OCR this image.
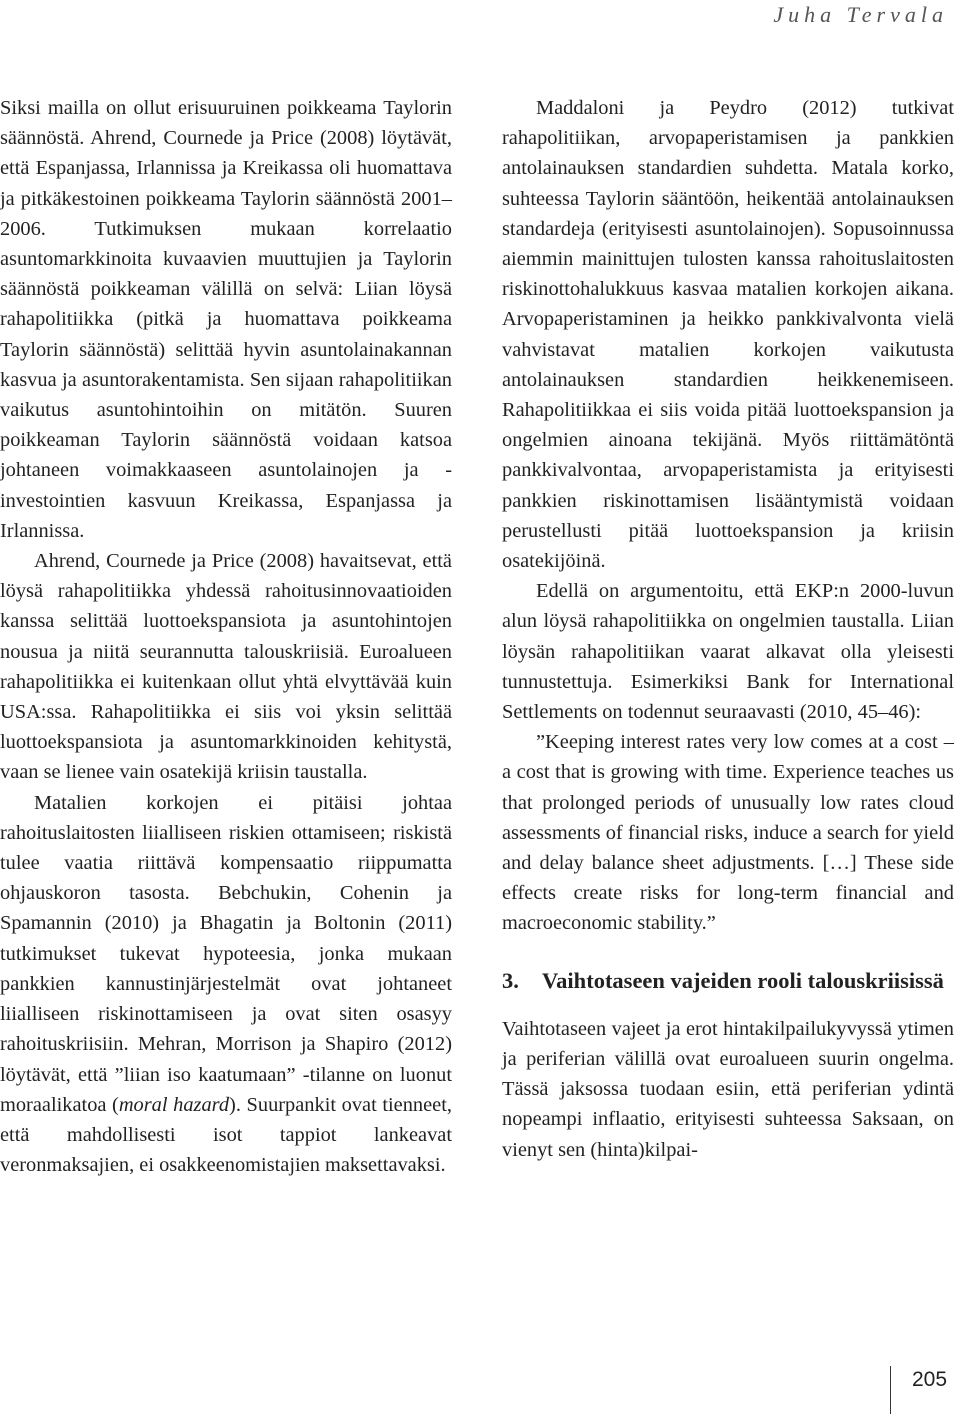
Juha Tervala

Siksi mailla on ollut erisuuruinen poikkeama Taylorin säännöstä. Ahrend, Cournede ja Price (2008) löytävät, että Espanjassa, Irlannissa ja Kreikassa oli huomattava ja pitkäkestoinen poikkeama Taylorin säännöstä 2001–2006. Tutkimuksen mukaan korrelaatio asuntomarkkinoita kuvaavien muuttujien ja Taylorin säännöstä poikkeaman välillä on selvä: Liian löysä rahapolitiikka (pitkä ja huomattava poikkeama Taylorin säännöstä) selittää hyvin asuntolainakannan kasvua ja asuntorakentamista. Sen sijaan rahapolitiikan vaikutus asuntohintoihin on mitätön. Suuren poikkeaman Taylorin säännöstä voidaan katsoa johtaneen voimakkaaseen asuntolainojen ja -investointien kasvuun Kreikassa, Espanjassa ja Irlannissa.

Ahrend, Cournede ja Price (2008) havaitsevat, että löysä rahapolitiikka yhdessä rahoitusinnovaatioiden kanssa selittää luottoekspansiota ja asuntohintojen nousua ja niitä seurannutta talouskriisiä. Euroalueen rahapolitiikka ei kuitenkaan ollut yhtä elvyttävää kuin USA:ssa. Rahapolitiikka ei siis voi yksin selittää luottoekspansiota ja asuntomarkkinoiden kehitystä, vaan se lienee vain osatekijä kriisin taustalla.

Matalien korkojen ei pitäisi johtaa rahoituslaitosten liialliseen riskien ottamiseen; riskistä tulee vaatia riittävä kompensaatio riippumatta ohjauskoron tasosta. Bebchukin, Cohenin ja Spamannin (2010) ja Bhagatin ja Boltonin (2011) tutkimukset tukevat hypoteesia, jonka mukaan pankkien kannustinjärjestelmät ovat johtaneet liialliseen riskinottamiseen ja ovat siten osasyy rahoituskriisiin. Mehran, Morrison ja Shapiro (2012) löytävät, että ”liian iso kaatumaan” -tilanne on luonut moraalikatoa (moral hazard). Suurpankit ovat tienneet, että mahdollisesti isot tappiot lankeavat veronmaksajien, ei osakkeenomistajien maksettavaksi.

Maddaloni ja Peydro (2012) tutkivat rahapolitiikan, arvopaperistamisen ja pankkien antolainauksen standardien suhdetta. Matala korko, suhteessa Taylorin sääntöön, heikentää antolainauksen standardeja (erityisesti asuntolainojen). Sopusoinnussa aiemmin mainittujen tulosten kanssa rahoituslaitosten riskinottohalukkuus kasvaa matalien korkojen aikana. Arvopaperistaminen ja heikko pankkivalvonta vielä vahvistavat matalien korkojen vaikutusta antolainauksen standardien heikkenemiseen. Rahapolitiikkaa ei siis voida pitää luottoekspansion ja ongelmien ainoana tekijänä. Myös riittämätöntä pankkivalvontaa, arvopaperistamista ja erityisesti pankkien riskinottamisen lisääntymistä voidaan perustellusti pitää luottoekspansion ja kriisin osatekijöinä.

Edellä on argumentoitu, että EKP:n 2000-luvun alun löysä rahapolitiikka on ongelmien taustalla. Liian löysän rahapolitiikan vaarat alkavat olla yleisesti tunnustettuja. Esimerkiksi Bank for International Settlements on todennut seuraavasti (2010, 45–46):

”Keeping interest rates very low comes at a cost – a cost that is growing with time. Experience teaches us that prolonged periods of unusually low rates cloud assessments of financial risks, induce a search for yield and delay balance sheet adjustments. […] These side effects create risks for long-term financial and macroeconomic stability.”

3.	Vaihtotaseen vajeiden rooli talouskriisissä

Vaihtotaseen vajeet ja erot hintakilpailukyvyssä ytimen ja periferian välillä ovat euroalueen suurin ongelma. Tässä jaksossa tuodaan esiin, että periferian ydintä nopeampi inflaatio, erityisesti suhteessa Saksaan, on vienyt sen (hinta)kilpai-

205
